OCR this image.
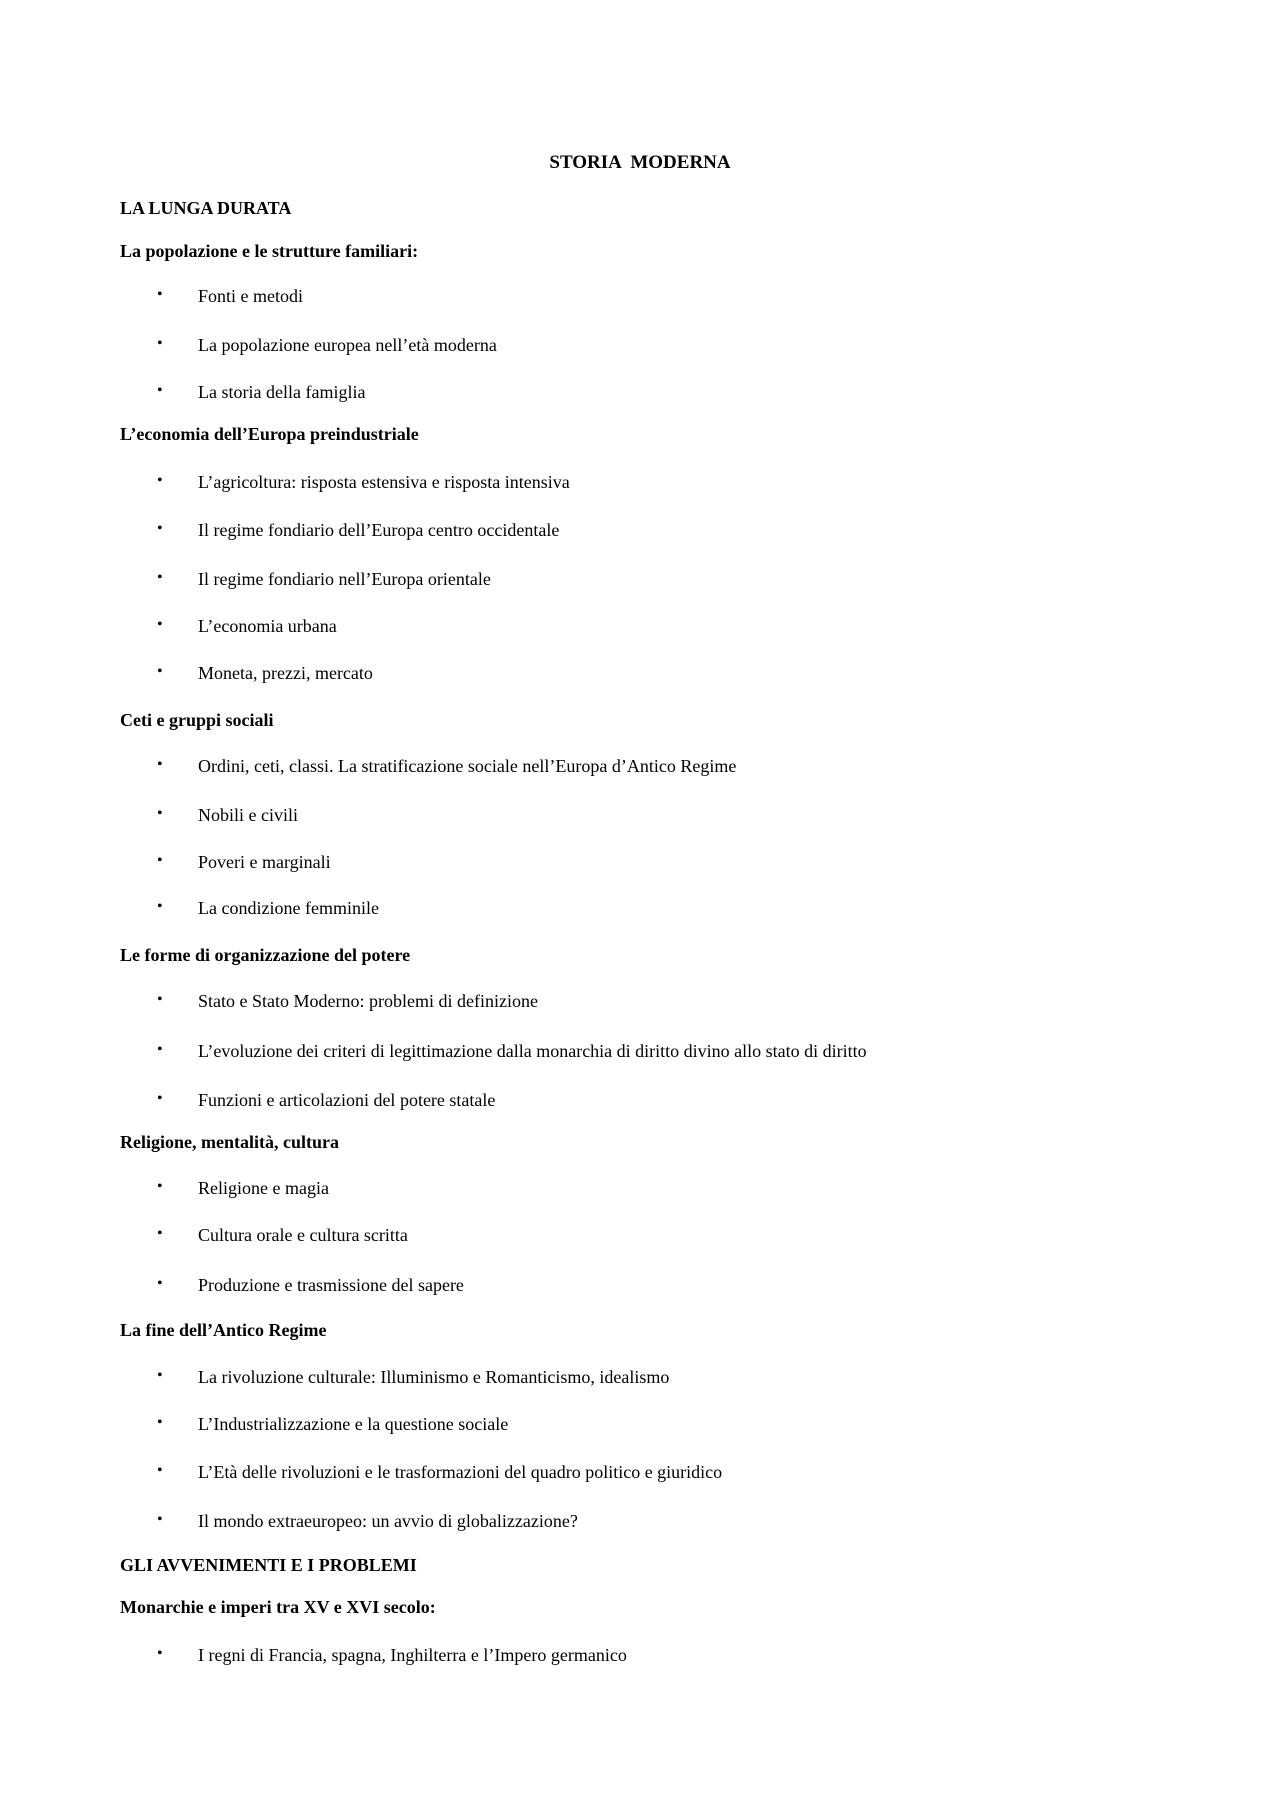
STORIA  MODERNA
LA LUNGA DURATA
La popolazione e le strutture familiari:
• Fonti e metodi
• La popolazione europea nell’età moderna
• La storia della famiglia
L’economia dell’Europa preindustriale
• L’agricoltura: risposta estensiva e risposta intensiva
• Il regime fondiario dell’Europa centro occidentale
• Il regime fondiario nell’Europa orientale
• L’economia urbana
• Moneta, prezzi, mercato
Ceti e gruppi sociali
• Ordini, ceti, classi. La stratificazione sociale nell’Europa d’Antico Regime
• Nobili e civili
• Poveri e marginali
• La condizione femminile
Le forme di organizzazione del potere
• Stato e Stato Moderno: problemi di definizione
• L’evoluzione dei criteri di legittimazione dalla monarchia di diritto divino allo stato di diritto
• Funzioni e articolazioni del potere statale
Religione, mentalità, cultura
• Religione e magia
• Cultura orale e cultura scritta
• Produzione e trasmissione del sapere
La fine dell’Antico Regime
• La rivoluzione culturale: Illuminismo e Romanticismo, idealismo
• L’Industrializzazione e la questione sociale
• L’Età delle rivoluzioni e le trasformazioni del quadro politico e giuridico
• Il mondo extraeuropeo: un avvio di globalizzazione?
GLI AVVENIMENTI E I PROBLEMI
Monarchie e imperi tra XV e XVI secolo:
• I regni di Francia, spagna, Inghilterra e l’Impero germanico
